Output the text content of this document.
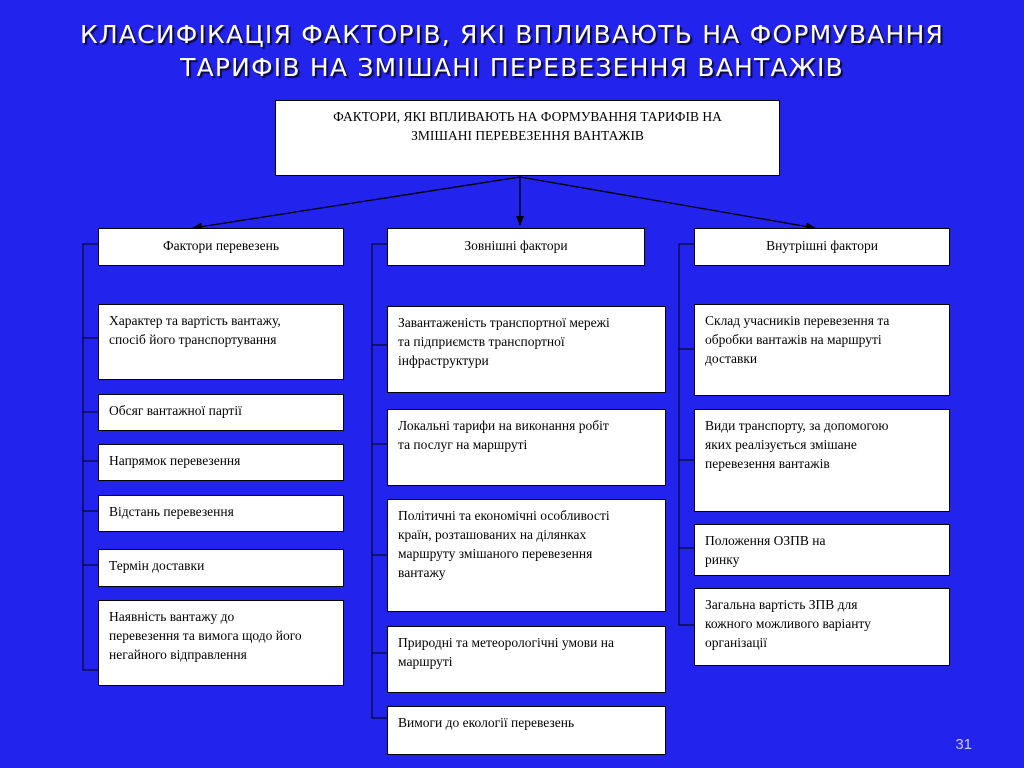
КЛАСИФІКАЦІЯ ФАКТОРІВ, ЯКІ ВПЛИВАЮТЬ НА ФОРМУВАННЯ
ТАРИФІВ НА ЗМІШАНІ ПЕРЕВЕЗЕННЯ ВАНТАЖІВ
ФАКТОРИ, ЯКІ ВПЛИВАЮТЬ НА ФОРМУВАННЯ ТАРИФІВ НА
ЗМІШАНІ ПЕРЕВЕЗЕННЯ ВАНТАЖІВ
Фактори перевезень	Зовнішні фактори	Внутрішні фактори
Характер та вартість вантажу,
спосіб його транспортування
Обсяг вантажної партії
Напрямок перевезення
Відстань перевезення
Термін доставки
Наявність вантажу до
перевезення та вимога щодо його
негайного відправлення
Завантаженість транспортної мережі
та підприємств транспортної
інфраструктури
Локальні тарифи на виконання робіт
та послуг на маршруті
Політичні та економічні особливості
країн, розташованих на ділянках
маршруту змішаного перевезення
вантажу
Природні та метеорологічні умови на
маршруті
Вимоги до екології перевезень
Склад учасників перевезення та
обробки вантажів на маршруті
доставки
Види транспорту, за допомогою
яких реалізується змішане
перевезення вантажів
Положення ОЗПВ на
ринку
Загальна вартість ЗПВ для
кожного можливого варіанту
організації
31
